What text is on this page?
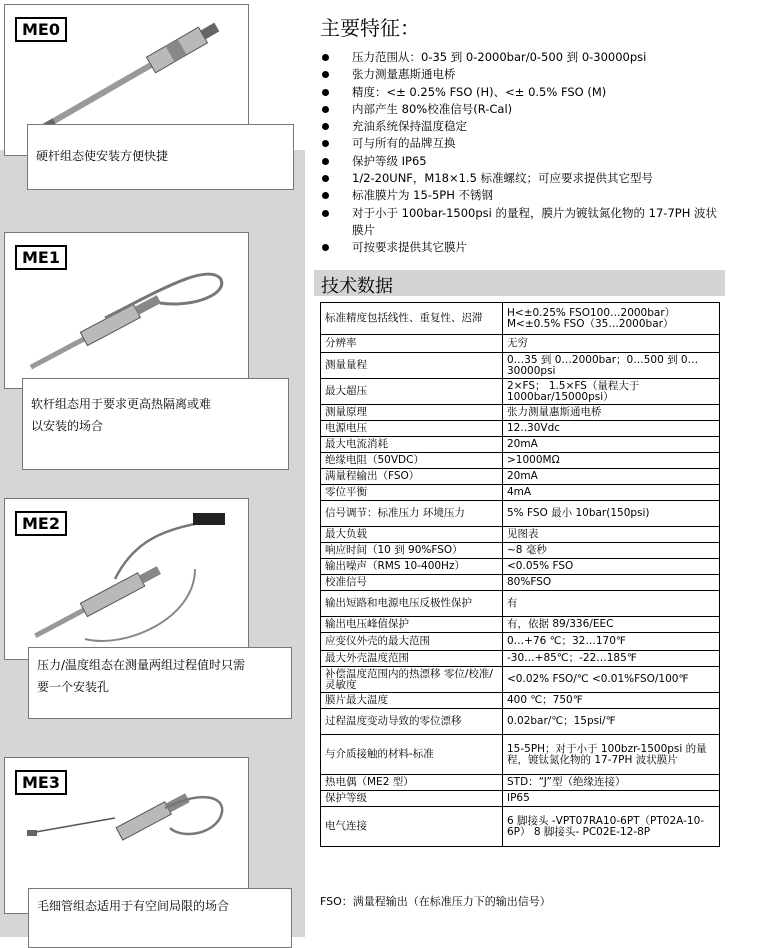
ME0
硬杆组态使安装方便快捷
ME1
软杆组态用于要求更高热隔离或难以安装的场合
ME2
压力/温度组态在测量两组过程值时只需要一个安装孔
ME3
毛细管组态适用于有空间局限的场合
主要特征：
压力范围从：0-35 到 0-2000bar/0-500 到 0-30000psi
张力测量惠斯通电桥
精度：<± 0.25% FSO (H)、<± 0.5% FSO (M)
内部产生 80%校准信号(R-Cal)
充油系统保持温度稳定
可与所有的品牌互换
保护等级 IP65
1/2-20UNF，M18×1.5 标准螺纹；可应要求提供其它型号
标准膜片为 15-5PH 不锈钢
对于小于 100bar-1500psi 的量程，膜片为镀钛氮化物的 17-7PH 波状膜片
可按要求提供其它膜片
技术数据
标准精度包括线性、重复性、迟滞	H<±0.25% FSO100…2000bar）M<±0.5% FSO（35…2000bar）
分辨率	无穷
测量量程	0…35 到 0…2000bar；0…500 到 0…30000psi
最大超压	2×FS； 1.5×FS（量程大于 1000bar/15000psi）
测量原理	张力测量惠斯通电桥
电源电压	12..30Vdc
最大电流消耗	20mA
绝缘电阻（50VDC）	>1000MΩ
满量程输出（FSO）	20mA
零位平衡	4mA
信号调节：标准压力 环境压力	5% FSO 最小 10bar(150psi)
最大负载	见图表
响应时间（10 到 90%FSO）	~8 毫秒
输出噪声（RMS 10-400Hz）	<0.05% FSO
校准信号	80%FSO
输出短路和电源电压反极性保护	有
输出电压峰值保护	有，依据 89/336/EEC
应变仪外壳的最大范围	0…+76 ℃；32…170℉
最大外壳温度范围	-30…+85℃；-22…185℉
补偿温度范围内的热漂移 零位/校准/灵敏度	<0.02% FSO/℃ <0.01%FSO/100℉
膜片最大温度	400 ℃；750℉
过程温度变动导致的零位漂移	0.02bar/℃；15psi/℉
与介质接触的材料-标准	15-5PH；对于小于 100bzr-1500psi 的量程，镀钛氮化物的 17-7PH 波状膜片
热电偶（ME2 型）	STD：“J”型（绝缘连接）
保护等级	IP65
电气连接	6 脚接头 -VPT07RA10-6PT（PT02A-10-6P） 8 脚接头- PC02E-12-8P
FSO：满量程输出（在标准压力下的输出信号）
